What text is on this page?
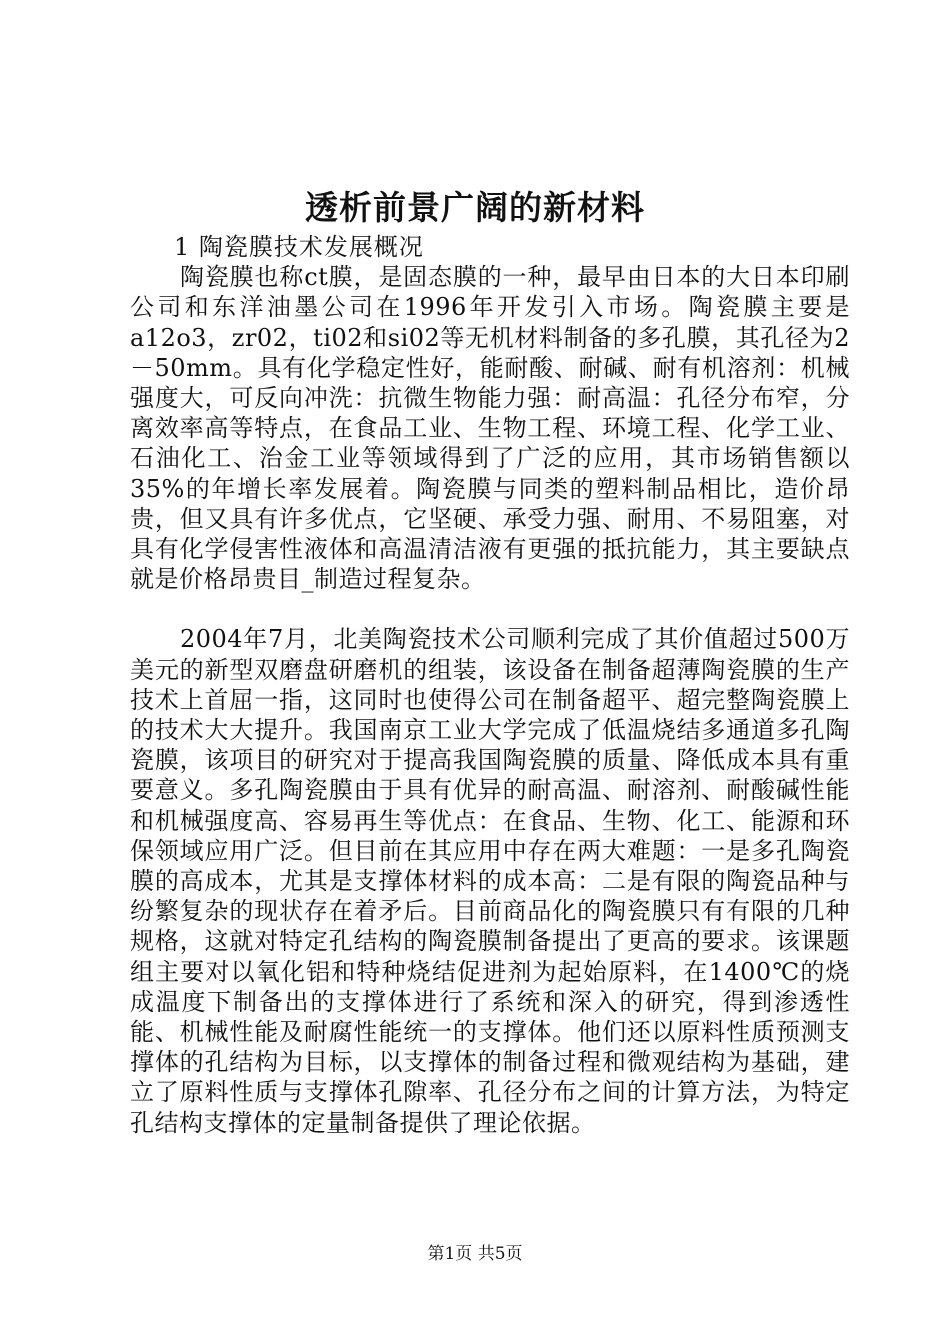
透析前景广阔的新材料

1 陶瓷膜技术发展概况

陶瓷膜也称ct膜，是固态膜的一种，最早由日本的大日本印刷公司和东洋油墨公司在1996年开发引入市场。陶瓷膜主要是a12o3，zr02，ti02和si02等无机材料制备的多孔膜，其孔径为2－50mm。具有化学稳定性好，能耐酸、耐碱、耐有机溶剂：机械强度大，可反向冲洗：抗微生物能力强：耐高温：孔径分布窄，分离效率高等特点，在食品工业、生物工程、环境工程、化学工业、石油化工、治金工业等领域得到了广泛的应用，其市场销售额以35%的年增长率发展着。陶瓷膜与同类的塑料制品相比，造价昂贵，但又具有许多优点，它坚硬、承受力强、耐用、不易阻塞，对具有化学侵害性液体和高温清洁液有更强的抵抗能力，其主要缺点就是价格昂贵目_制造过程复杂。

2004年7月，北美陶瓷技术公司顺利完成了其价值超过500万美元的新型双磨盘研磨机的组装，该设备在制备超薄陶瓷膜的生产技术上首屈一指，这同时也使得公司在制备超平、超完整陶瓷膜上的技术大大提升。我国南京工业大学完成了低温烧结多通道多孔陶瓷膜，该项目的研究对于提高我国陶瓷膜的质量、降低成本具有重要意义。多孔陶瓷膜由于具有优异的耐高温、耐溶剂、耐酸碱性能和机械强度高、容易再生等优点：在食品、生物、化工、能源和环保领域应用广泛。但目前在其应用中存在两大难题：一是多孔陶瓷膜的高成本，尤其是支撑体材料的成本高：二是有限的陶瓷品种与纷繁复杂的现状存在着矛后。目前商品化的陶瓷膜只有有限的几种规格，这就对特定孔结构的陶瓷膜制备提出了更高的要求。该课题组主要对以氧化铝和特种烧结促进剂为起始原料，在1400℃的烧成温度下制备出的支撑体进行了系统和深入的研究，得到渗透性能、机械性能及耐腐性能统一的支撑体。他们还以原料性质预测支撑体的孔结构为目标，以支撑体的制备过程和微观结构为基础，建立了原料性质与支撑体孔隙率、孔径分布之间的计算方法，为特定孔结构支撑体的定量制备提供了理论依据。

第1页 共5页
